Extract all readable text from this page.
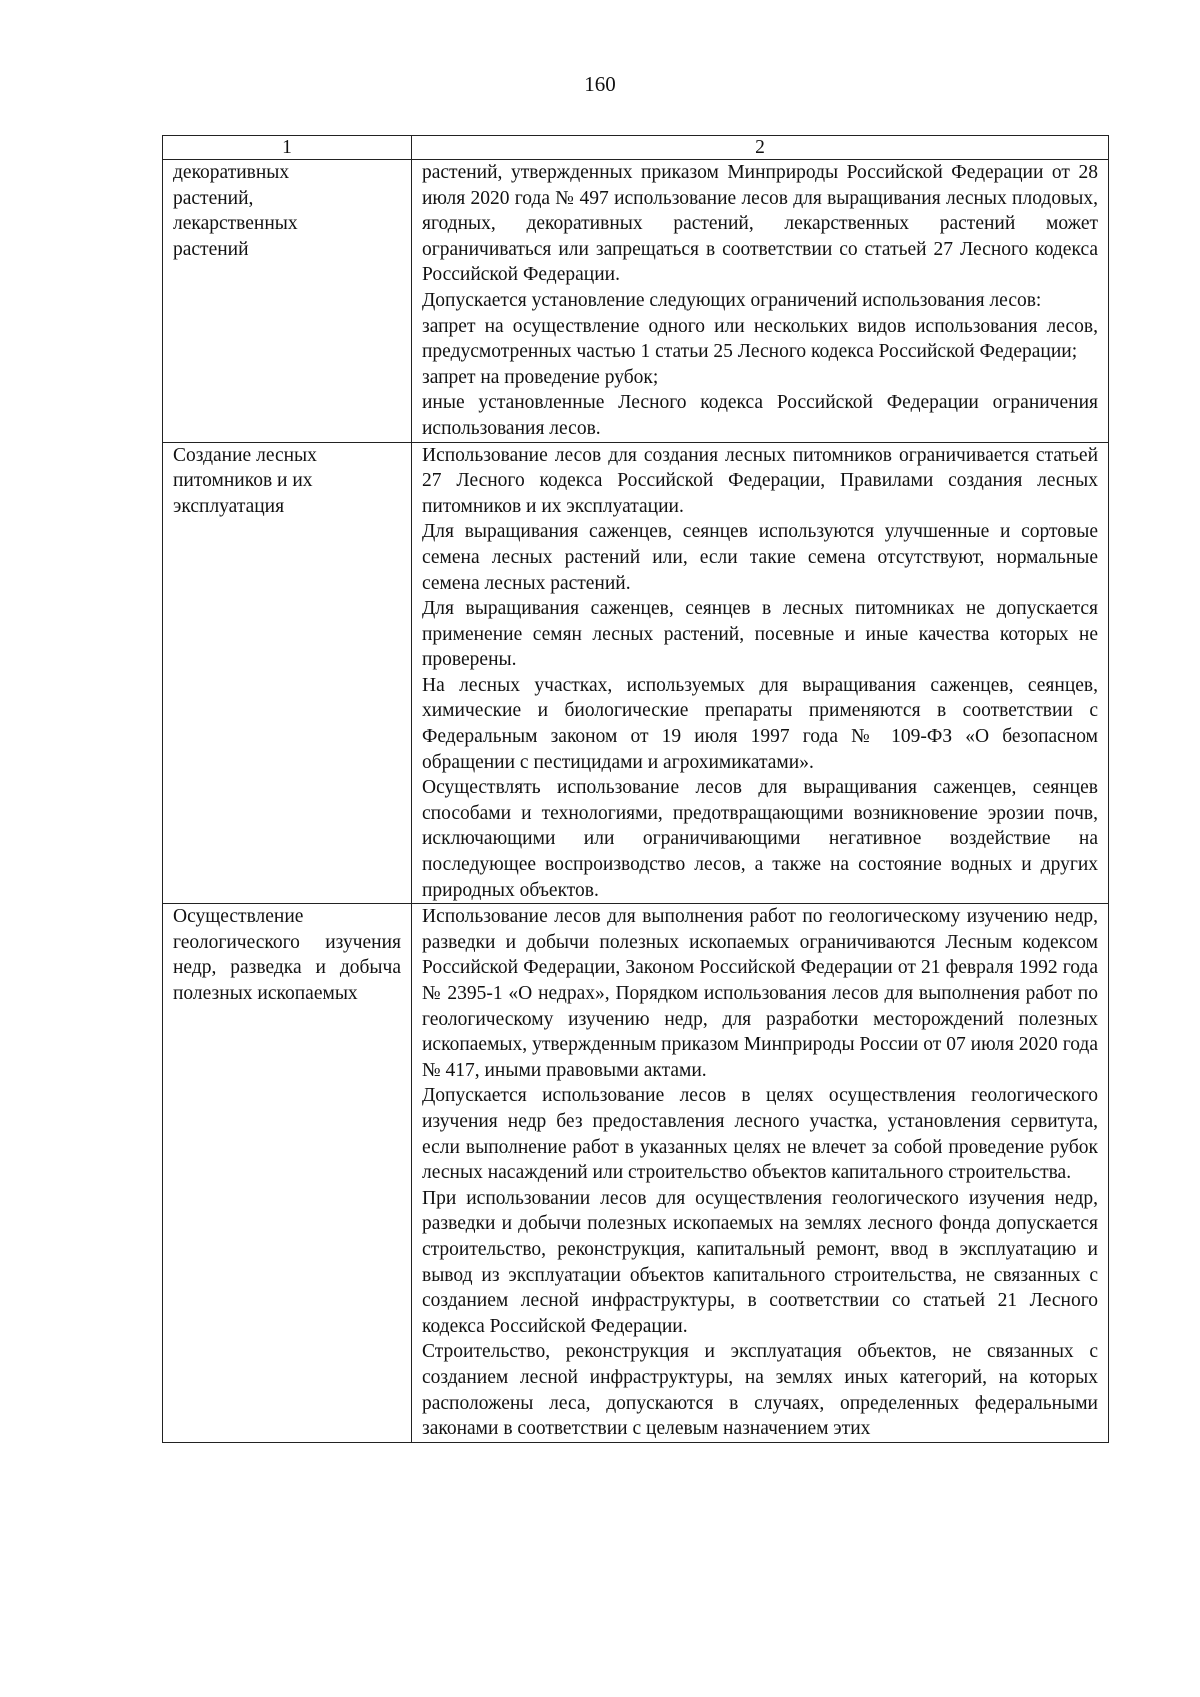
160
1	2

декоративных растений, лекарственных растений	растений, утвержденных приказом Минприроды Российской Федерации от 28 июля 2020 года № 497 использование лесов для выращивания лесных плодовых, ягодных, декоративных растений, лекарственных растений может ограничиваться или запрещаться в соответствии со статьей 27 Лесного кодекса Российской Федерации.

Допускается установление следующих ограничений использования лесов:

запрет на осуществление одного или нескольких видов использования лесов, предусмотренных частью 1 статьи 25 Лесного кодекса Российской Федерации;

запрет на проведение рубок;

иные установленные Лесного кодекса Российской Федерации ограничения использования лесов.

Создание лесных питомников и их эксплуатация	Использование лесов для создания лесных питомников ограничивается статьей 27 Лесного кодекса Российской Федерации, Правилами создания лесных питомников и их эксплуатации.

Для выращивания саженцев, сеянцев используются улучшенные и сортовые семена лесных растений или, если такие семена отсутствуют, нормальные семена лесных растений.

Для выращивания саженцев, сеянцев в лесных питомниках не допускается применение семян лесных растений, посевные и иные качества которых не проверены.

На лесных участках, используемых для выращивания саженцев, сеянцев, химические и биологические препараты применяются в соответствии с Федеральным законом от 19 июля 1997 года № 109-ФЗ «О безопасном обращении с пестицидами и агрохимикатами».

Осуществлять использование лесов для выращивания саженцев, сеянцев способами и технологиями, предотвращающими возникновение эрозии почв, исключающими или ограничивающими негативное воздействие на последующее воспроизводство лесов, а также на состояние водных и других природных объектов.

Осуществление геологического изучения недр, разведка и добыча полезных ископаемых	Использование лесов для выполнения работ по геологическому изучению недр, разведки и добычи полезных ископаемых ограничиваются Лесным кодексом Российской Федерации, Законом Российской Федерации от 21 февраля 1992 года № 2395-1 «О недрах», Порядком использования лесов для выполнения работ по геологическому изучению недр, для разработки месторождений полезных ископаемых, утвержденным приказом Минприроды России от 07 июля 2020 года № 417, иными правовыми актами.

Допускается использование лесов в целях осуществления геологического изучения недр без предоставления лесного участка, установления сервитута, если выполнение работ в указанных целях не влечет за собой проведение рубок лесных насаждений или строительство объектов капитального строительства.

При использовании лесов для осуществления геологического изучения недр, разведки и добычи полезных ископаемых на землях лесного фонда допускается строительство, реконструкция, капитальный ремонт, ввод в эксплуатацию и вывод из эксплуатации объектов капитального строительства, не связанных с созданием лесной инфраструктуры, в соответствии со статьей 21 Лесного кодекса Российской Федерации.

Строительство, реконструкция и эксплуатация объектов, не связанных с созданием лесной инфраструктуры, на землях иных категорий, на которых расположены леса, допускаются в случаях, определенных федеральными законами в соответствии с целевым назначением этих
